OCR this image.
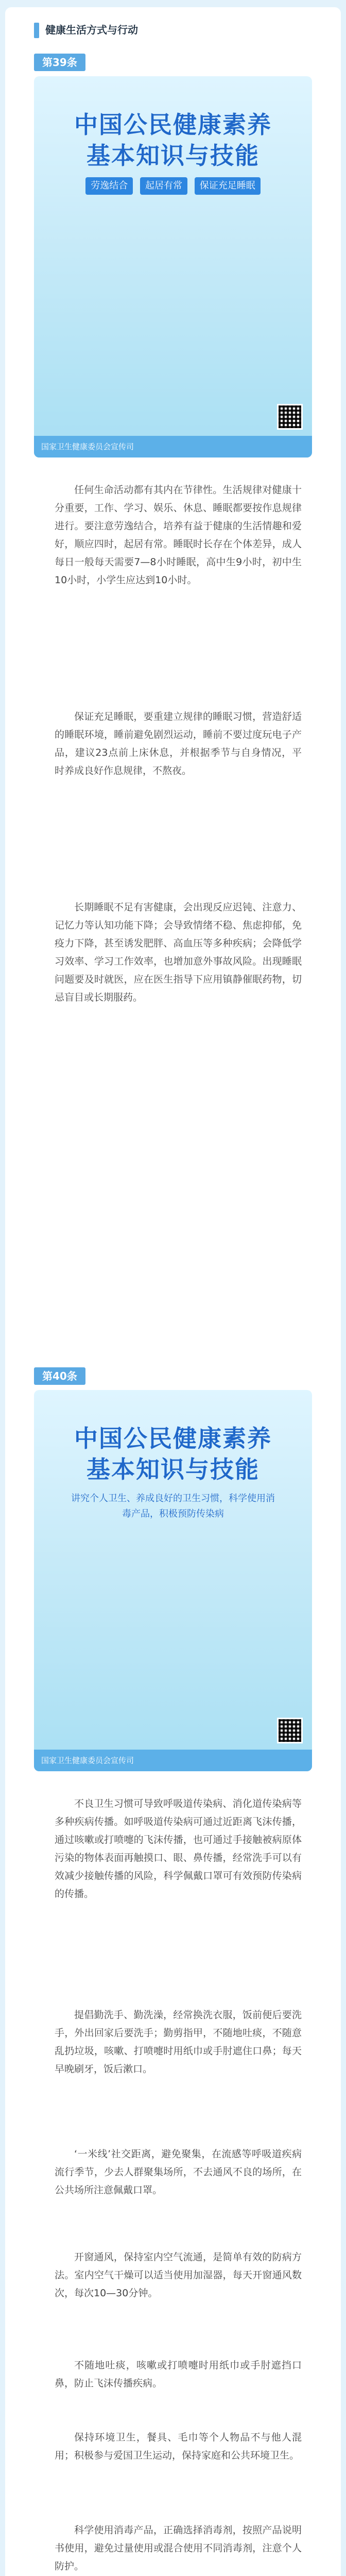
健康生活方式与行动
第39条
中国公民健康素养
基本知识与技能
劳逸结合 起居有常 保证充足睡眠
国家卫生健康委员会宣传司

任何生命活动都有其内在节律性。生活规律对健康十分重要，工作、学习、娱乐、休息、睡眠都要按作息规律进行。要注意劳逸结合，培养有益于健康的生活情趣和爱好，顺应四时，起居有常。睡眠时长存在个体差异，成人每日一般每天需要7—8小时睡眠，高中生9小时，初中生10小时，小学生应达到10小时。

保证充足睡眠，要重建立规律的睡眠习惯，营造舒适的睡眠环境，睡前避免剧烈运动，睡前不要过度玩电子产品，建议23点前上床休息，并根据季节与自身情况，平时养成良好作息规律，不熬夜。

长期睡眠不足有害健康，会出现反应迟钝、注意力、记忆力等认知功能下降；会导致情绪不稳、焦虑抑郁，免疫力下降，甚至诱发肥胖、高血压等多种疾病；会降低学习效率、学习工作效率，也增加意外事故风险。出现睡眠问题要及时就医，应在医生指导下应用镇静催眠药物，切忌盲目或长期服药。

第40条
中国公民健康素养
基本知识与技能
讲究个人卫生、养成良好的卫生习惯，科学使用消毒产品，积极预防传染病
国家卫生健康委员会宣传司

不良卫生习惯可导致呼吸道传染病、消化道传染病等多种疾病传播。如呼吸道传染病可通过近距离飞沫传播，通过咳嗽或打喷嚏的飞沫传播，也可通过手接触被病原体污染的物体表面再触摸口、眼、鼻传播，经常洗手可以有效减少接触传播的风险，科学佩戴口罩可有效预防传染病的传播。

提倡勤洗手、勤洗澡，经常换洗衣服，饭前便后要洗手，外出回家后要洗手；勤剪指甲，不随地吐痰，不随意乱扔垃圾，咳嗽、打喷嚏时用纸巾或手肘遮住口鼻；每天早晚刷牙，饭后漱口。

‘一米线’社交距离，避免聚集，在流感等呼吸道疾病流行季节，少去人群聚集场所，不去通风不良的场所，在公共场所注意佩戴口罩。

开窗通风，保持室内空气流通，是简单有效的防病方法。室内空气干燥可以适当使用加湿器，每天开窗通风数次，每次10—30分钟。

不随地吐痰，咳嗽或打喷嚏时用纸巾或手肘遮挡口鼻，防止飞沫传播疾病。

保持环境卫生，餐具、毛巾等个人物品不与他人混用；积极参与爱国卫生运动，保持家庭和公共环境卫生。

科学使用消毒产品，正确选择消毒剂，按照产品说明书使用，避免过量使用或混合使用不同消毒剂，注意个人防护。
